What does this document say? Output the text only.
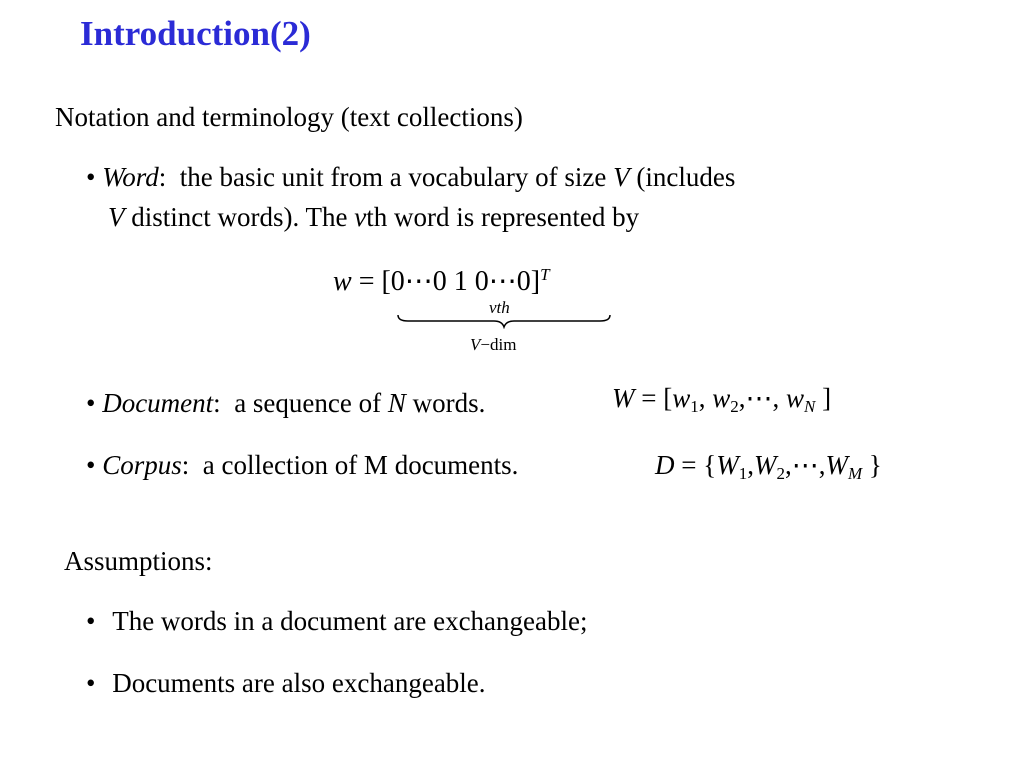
Introduction(2)
Notation and terminology (text collections)
• Word:  the basic unit from a vocabulary of size V (includes
V distinct words). The vth word is represented by
w = [0⋯0 1 0⋯0]$^T$
vth
V−dim
• Document:  a sequence of N words.	$W = [w_1$, $w_2,\cdots$, wN ]
• Corpus:  a collection of M documents.	$D = \{W_1,W_2,\cdots,WM$ }
Assumptions:
• The words in a document are exchangeable;
• Documents are also exchangeable.
